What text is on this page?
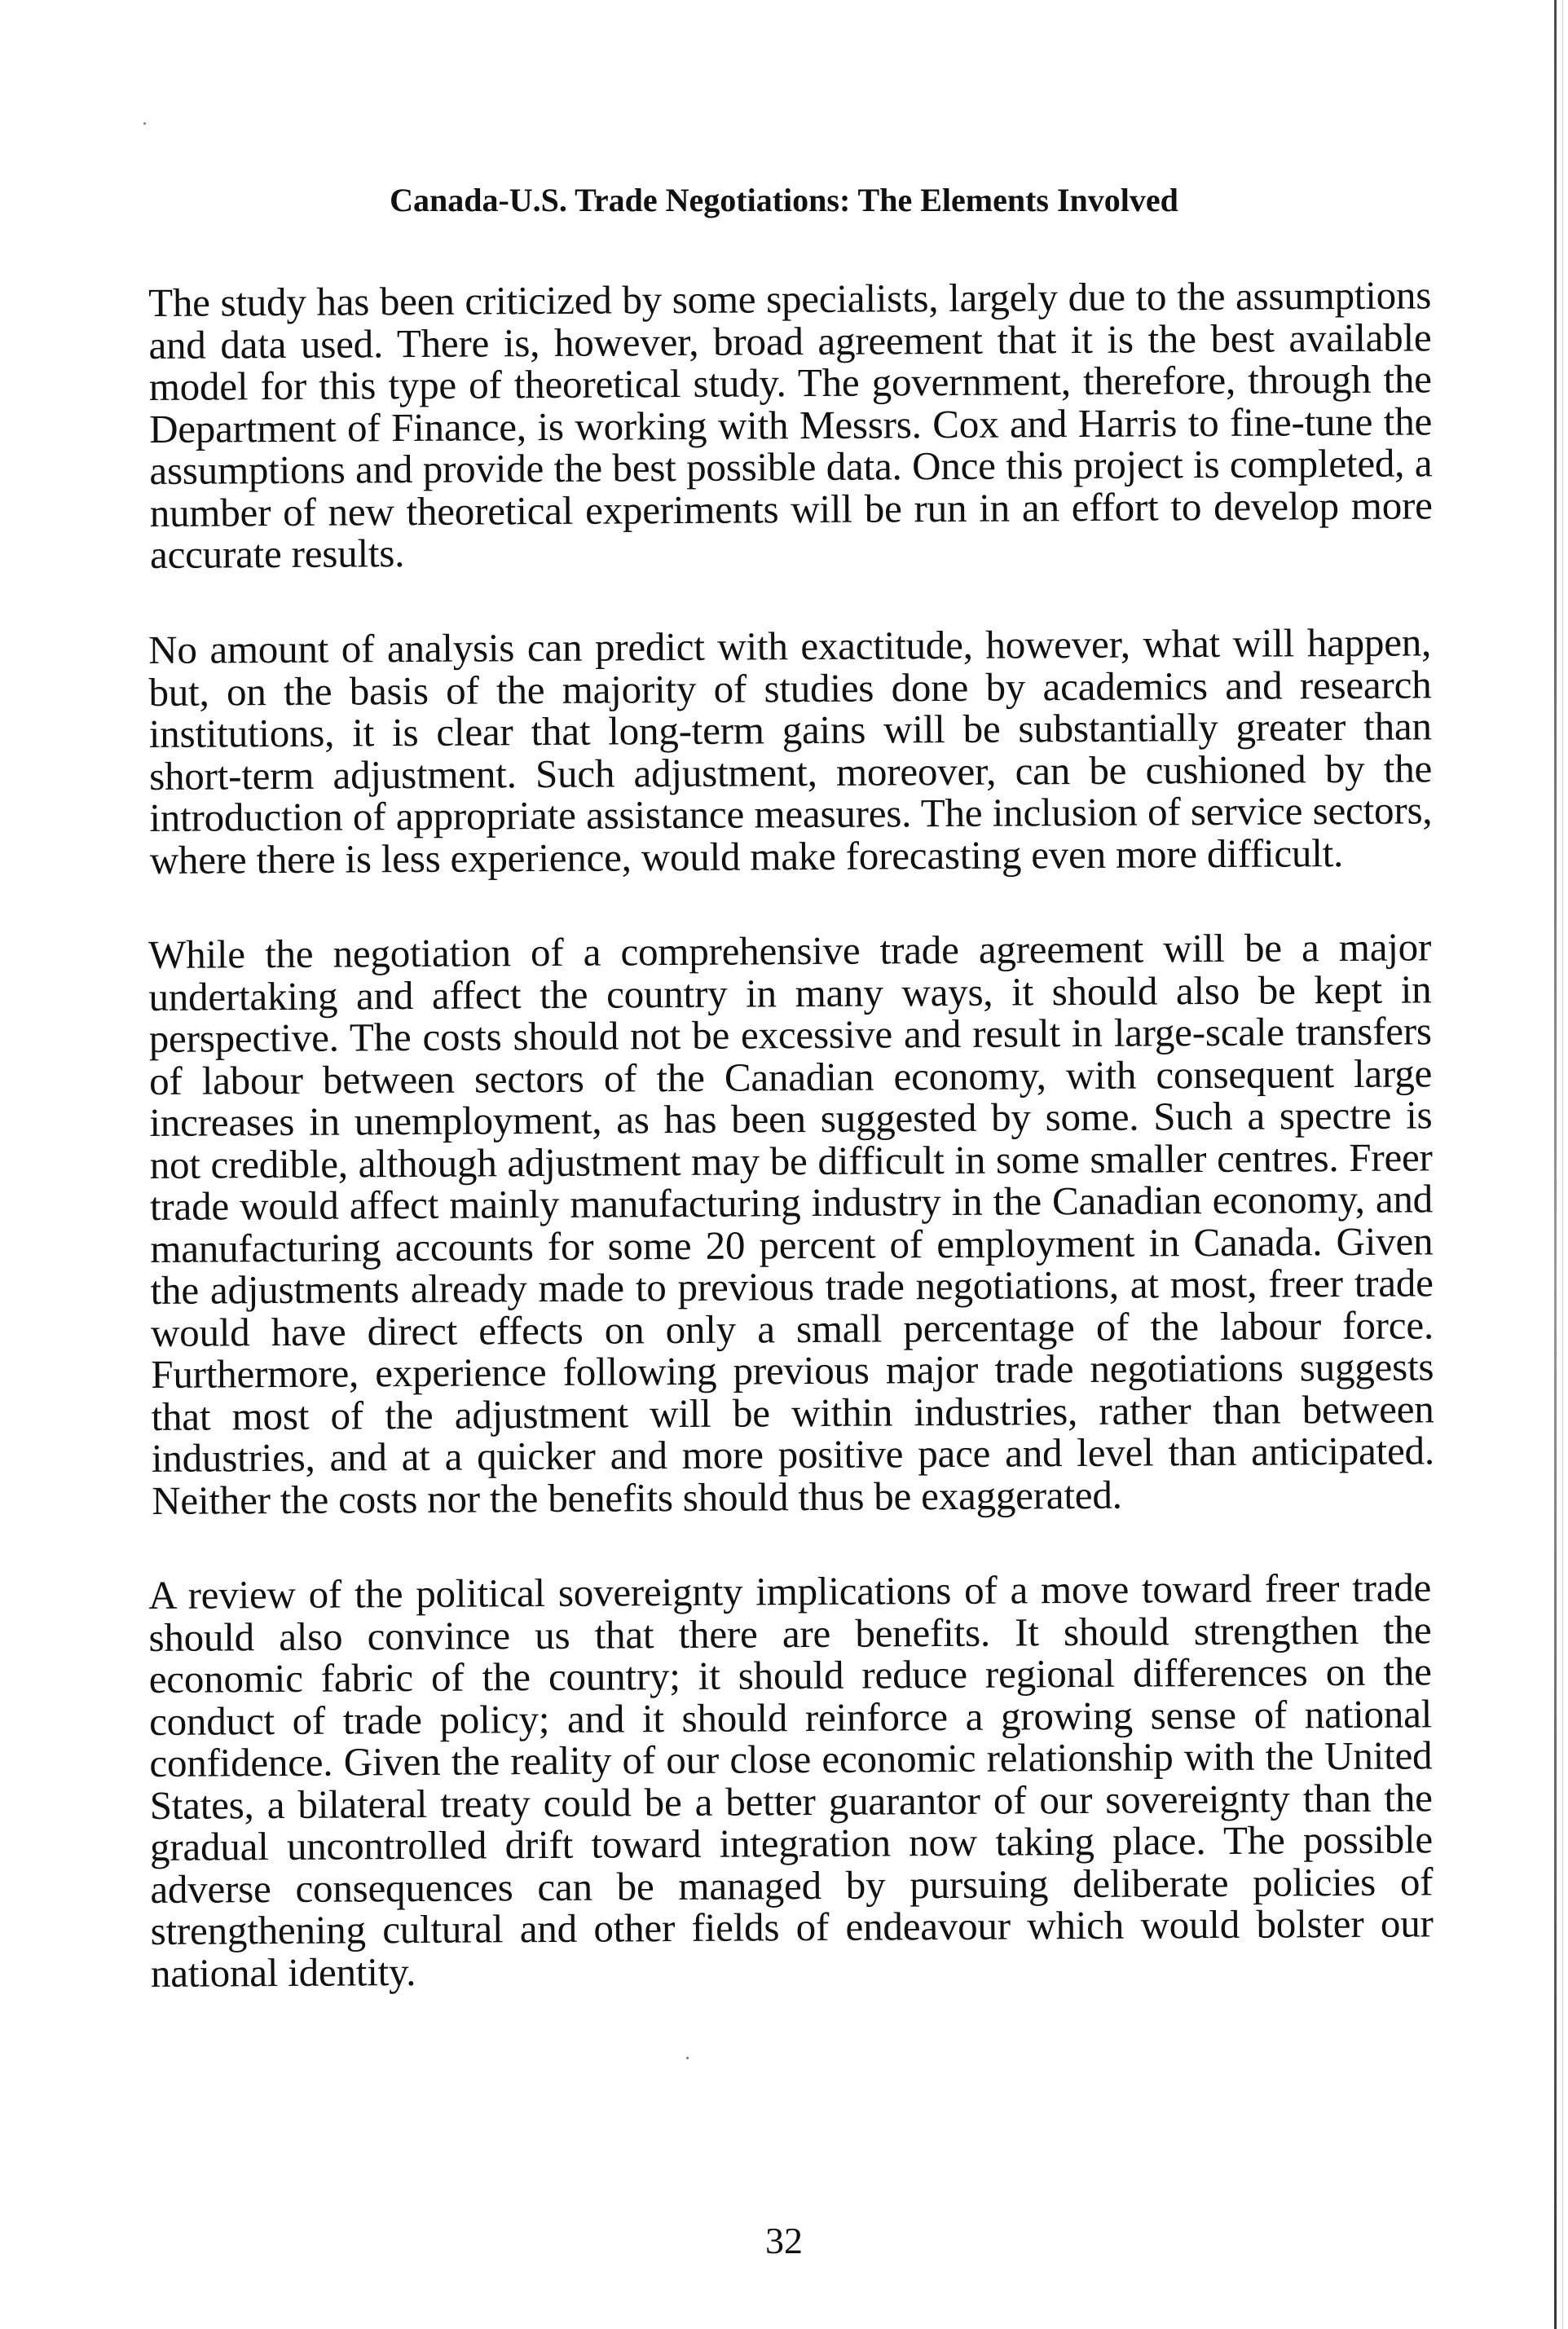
Canada-U.S. Trade Negotiations: The Elements Involved

The study has been criticized by some specialists, largely due to the assumptions and data used. There is, however, broad agreement that it is the best available model for this type of theoretical study. The government, therefore, through the Department of Finance, is working with Messrs. Cox and Harris to fine-tune the assumptions and provide the best possible data. Once this project is completed, a number of new theoretical experiments will be run in an effort to develop more accurate results.

No amount of analysis can predict with exactitude, however, what will happen, but, on the basis of the majority of studies done by academics and research institutions, it is clear that long-term gains will be substantially greater than short-term adjustment. Such adjustment, moreover, can be cushioned by the introduction of appropriate assistance measures. The inclusion of service sectors, where there is less experience, would make forecasting even more difficult.

While the negotiation of a comprehensive trade agreement will be a major undertaking and affect the country in many ways, it should also be kept in perspective. The costs should not be excessive and result in large-scale transfers of labour between sectors of the Canadian economy, with consequent large increases in unemployment, as has been suggested by some. Such a spectre is not credible, although adjustment may be difficult in some smaller centres. Freer trade would affect mainly manufacturing industry in the Canadian economy, and manufacturing accounts for some 20 percent of employment in Canada. Given the adjustments already made to previous trade negotiations, at most, freer trade would have direct effects on only a small percentage of the labour force. Furthermore, experience following previous major trade negotiations suggests that most of the adjustment will be within industries, rather than between industries, and at a quicker and more positive pace and level than anticipated. Neither the costs nor the benefits should thus be exaggerated.

A review of the political sovereignty implications of a move toward freer trade should also convince us that there are benefits. It should strengthen the economic fabric of the country; it should reduce regional differences on the conduct of trade policy; and it should reinforce a growing sense of national confidence. Given the reality of our close economic relationship with the United States, a bilateral treaty could be a better guarantor of our sovereignty than the gradual uncontrolled drift toward integration now taking place. The possible adverse consequences can be managed by pursuing deliberate policies of strengthening cultural and other fields of endeavour which would bolster our national identity.

32
